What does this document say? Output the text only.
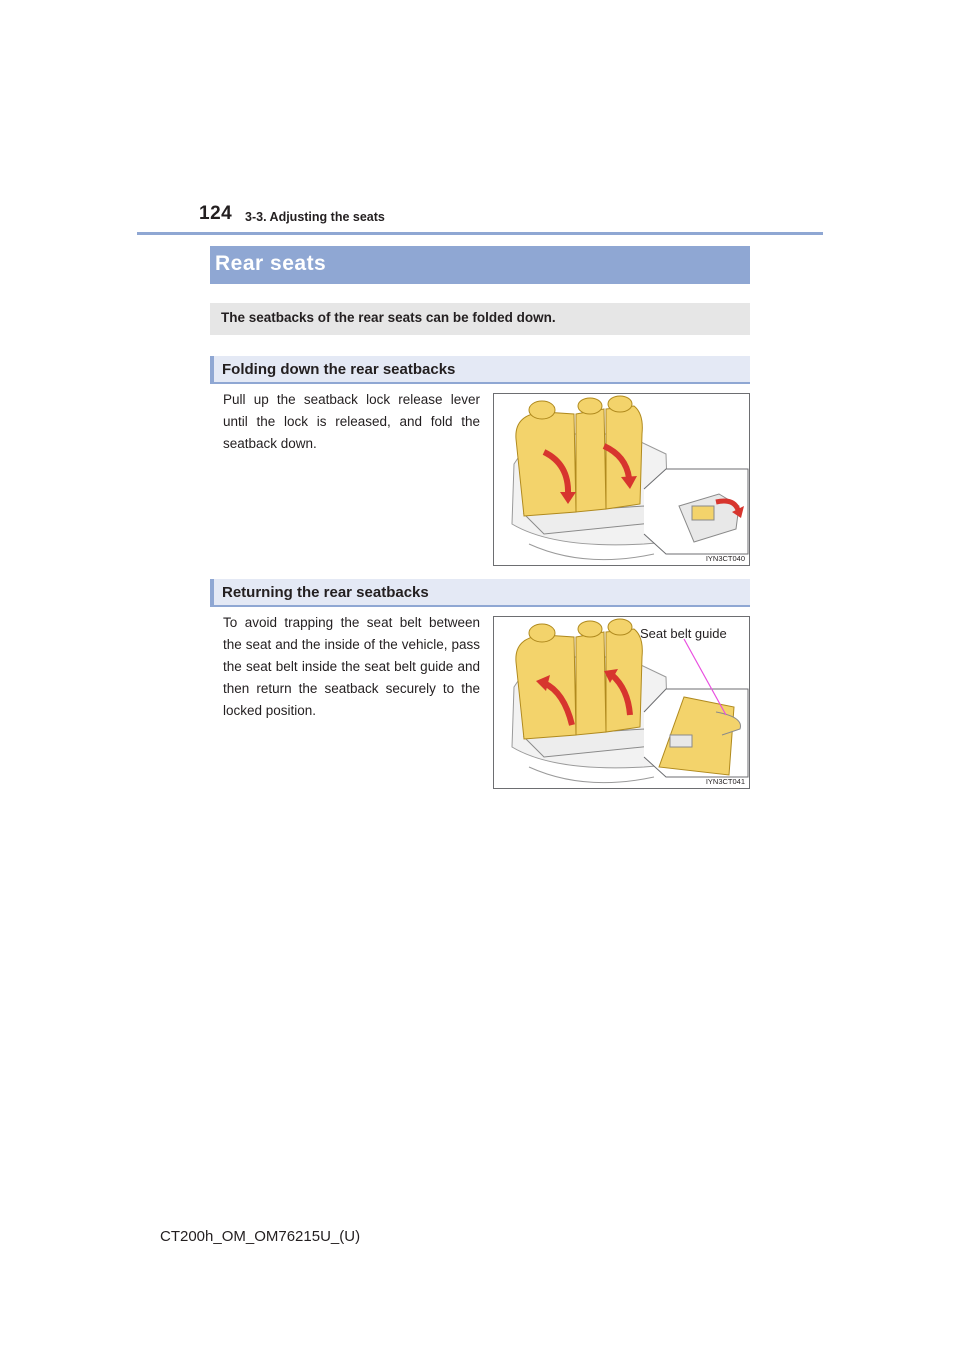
124 3-3. Adjusting the seats
Rear seats
The seatbacks of the rear seats can be folded down.
Folding down the rear seatbacks
Pull up the seatback lock release lever until the lock is released, and fold the seatback down.
IYN3CT040
Returning the rear seatbacks
To avoid trapping the seat belt between the seat and the inside of the vehicle, pass the seat belt inside the seat belt guide and then return the seatback securely to the locked position.
Seat belt guide
IYN3CT041
CT200h_OM_OM76215U_(U)
